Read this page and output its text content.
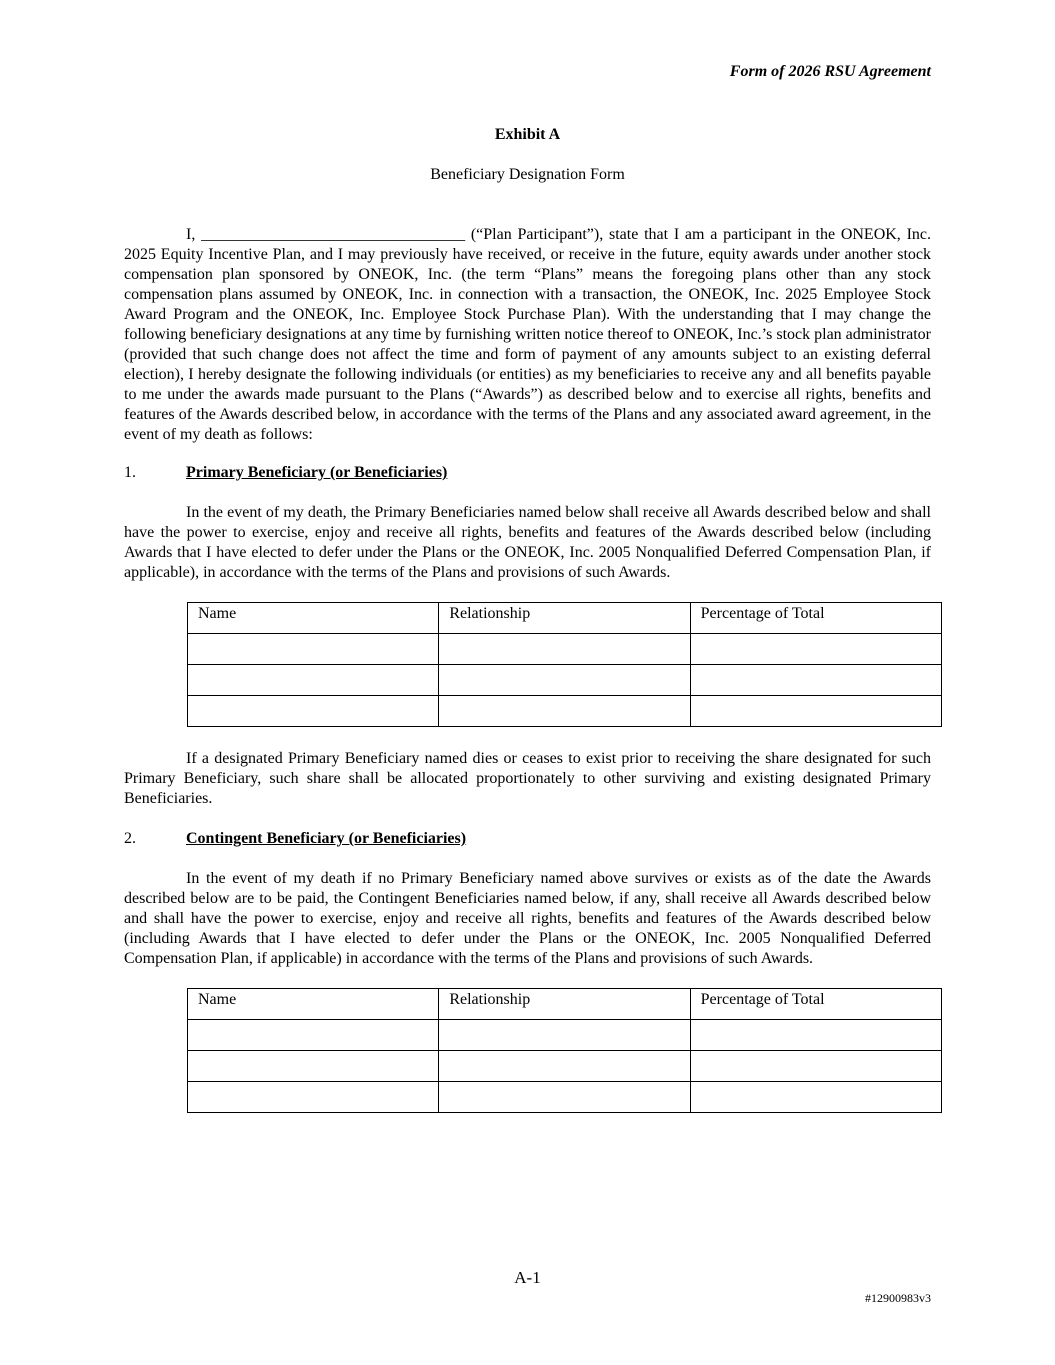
Form of 2026 RSU Agreement
Exhibit A
Beneficiary Designation Form

I, _________________________________ (“Plan Participant”), state that I am a participant in the ONEOK, Inc. 2025 Equity Incentive Plan, and I may previously have received, or receive in the future, equity awards under another stock compensation plan sponsored by ONEOK, Inc. (the term “Plans” means the foregoing plans other than any stock compensation plans assumed by ONEOK, Inc. in connection with a transaction, the ONEOK, Inc. 2025 Employee Stock Award Program and the ONEOK, Inc. Employee Stock Purchase Plan). With the understanding that I may change the following beneficiary designations at any time by furnishing written notice thereof to ONEOK, Inc.’s stock plan administrator (provided that such change does not affect the time and form of payment of any amounts subject to an existing deferral election), I hereby designate the following individuals (or entities) as my beneficiaries to receive any and all benefits payable to me under the awards made pursuant to the Plans (“Awards”) as described below and to exercise all rights, benefits and features of the Awards described below, in accordance with the terms of the Plans and any associated award agreement, in the event of my death as follows:

1.	Primary Beneficiary (or Beneficiaries)

In the event of my death, the Primary Beneficiaries named below shall receive all Awards described below and shall have the power to exercise, enjoy and receive all rights, benefits and features of the Awards described below (including Awards that I have elected to defer under the Plans or the ONEOK, Inc. 2005 Nonqualified Deferred Compensation Plan, if applicable), in accordance with the terms of the Plans and provisions of such Awards.

Name	Relationship	Percentage of Total

If a designated Primary Beneficiary named dies or ceases to exist prior to receiving the share designated for such Primary Beneficiary, such share shall be allocated proportionately to other surviving and existing designated Primary Beneficiaries.

2.	Contingent Beneficiary (or Beneficiaries)

In the event of my death if no Primary Beneficiary named above survives or exists as of the date the Awards described below are to be paid, the Contingent Beneficiaries named below, if any, shall receive all Awards described below and shall have the power to exercise, enjoy and receive all rights, benefits and features of the Awards described below (including Awards that I have elected to defer under the Plans or the ONEOK, Inc. 2005 Nonqualified Deferred Compensation Plan, if applicable) in accordance with the terms of the Plans and provisions of such Awards.

Name	Relationship	Percentage of Total

A-1
#12900983v3
